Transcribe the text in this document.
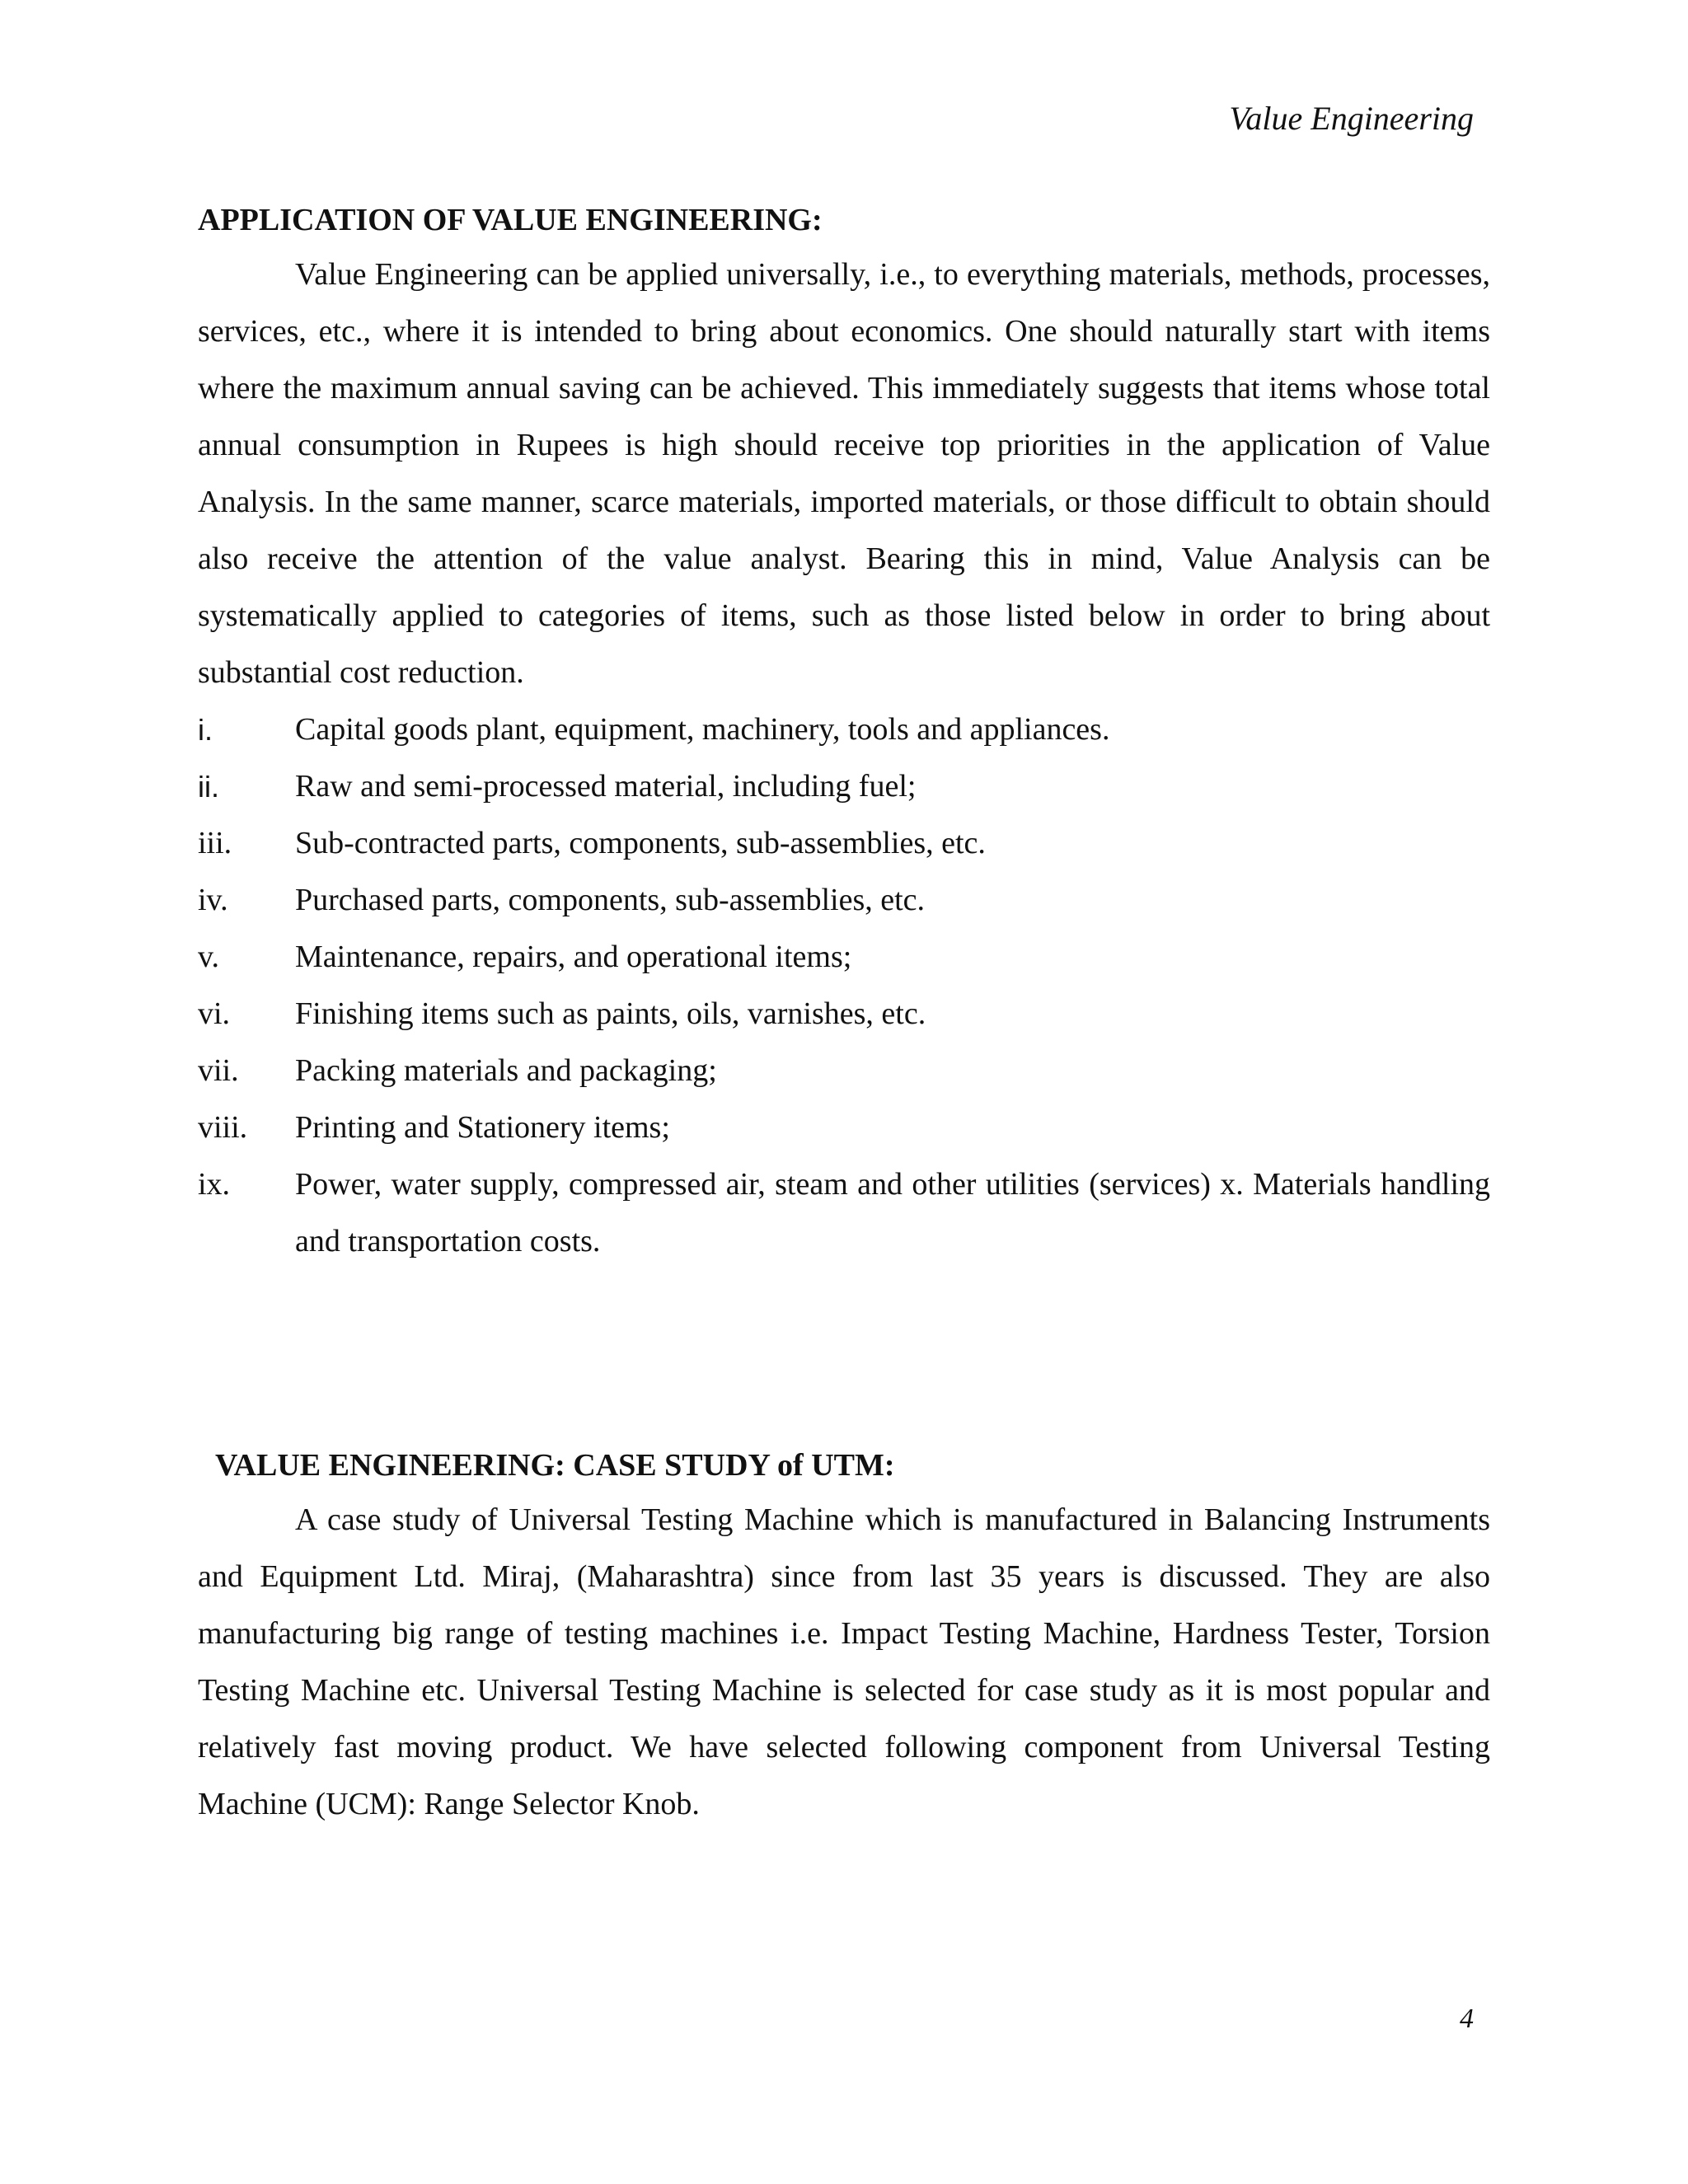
Value Engineering
APPLICATION OF VALUE ENGINEERING:

Value Engineering can be applied universally, i.e., to everything materials, methods, processes, services, etc., where it is intended to bring about economics. One should naturally start with items where the maximum annual saving can be achieved. This immediately suggests that items whose total annual consumption in Rupees is high should receive top priorities in the application of Value Analysis. In the same manner, scarce materials, imported materials, or those difficult to obtain should also receive the attention of the value analyst. Bearing this in mind, Value Analysis can be systematically applied to categories of items, such as those listed below in order to bring about substantial cost reduction.

i.	Capital goods plant, equipment, machinery, tools and appliances.
ii.	Raw and semi-processed material, including fuel;
iii.	Sub-contracted parts, components, sub-assemblies, etc.
iv.	Purchased parts, components, sub-assemblies, etc.
v.	Maintenance, repairs, and operational items;
vi.	Finishing items such as paints, oils, varnishes, etc.
vii.	Packing materials and packaging;
viii.	Printing and Stationery items;
ix.	Power, water supply, compressed air, steam and other utilities (services) x. Materials handling and transportation costs.
VALUE ENGINEERING: CASE STUDY of UTM:

A case study of Universal Testing Machine which is manufactured in Balancing Instruments and Equipment Ltd. Miraj, (Maharashtra) since from last 35 years is discussed. They are also manufacturing big range of testing machines i.e. Impact Testing Machine, Hardness Tester, Torsion Testing Machine etc. Universal Testing Machine is selected for case study as it is most popular and relatively fast moving product. We have selected following component from Universal Testing Machine (UCM): Range Selector Knob.

4
